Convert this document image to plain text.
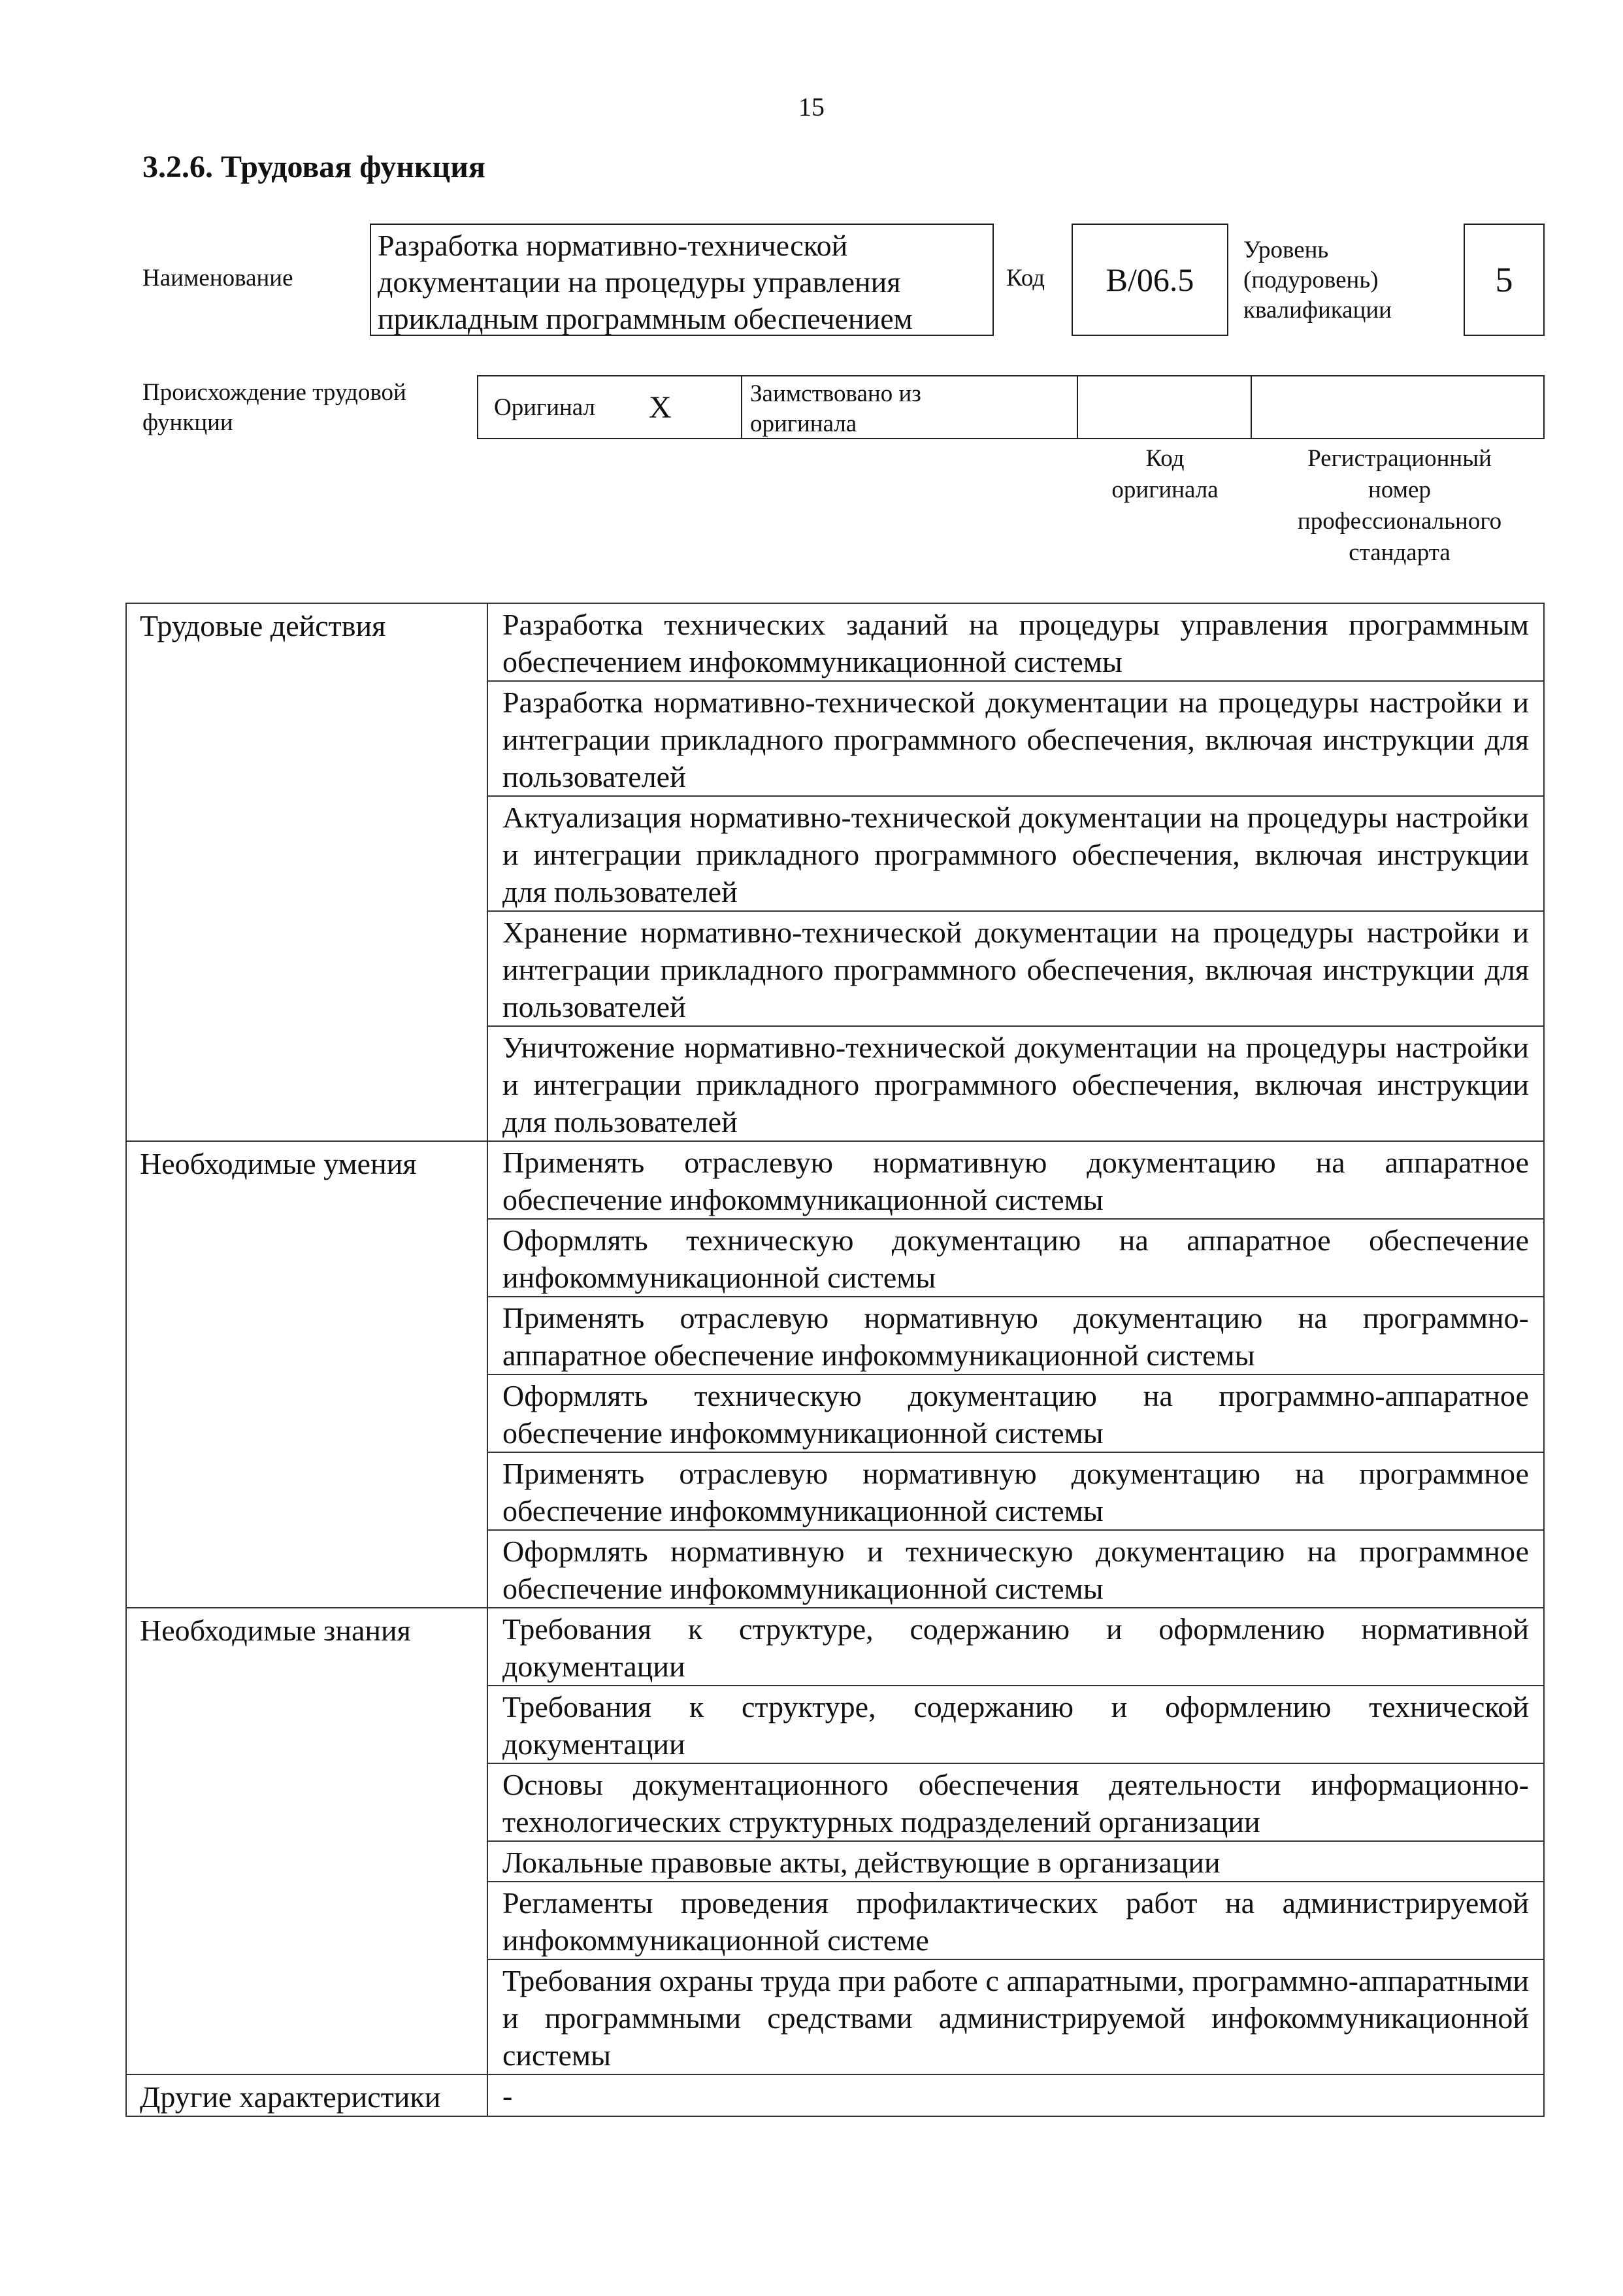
15
3.2.6. Трудовая функция
Наименование
Разработка нормативно-технической
документации на процедуры управления
прикладным программным обеспечением
Код B/06.5
Уровень
(подуровень)
квалификации
5
Происхождение трудовой
функции
Оригинал X	Заимствовано из
оригинала
Код
оригинала
Регистрационный
номер
профессионального
стандарта
Трудовые действия	Разработка технических заданий на процедуры управления программным обеспечением инфокоммуникационной системы
	Разработка нормативно-технической документации на процедуры настройки и интеграции прикладного программного обеспечения, включая инструкции для пользователей
	Актуализация нормативно-технической документации на процедуры настройки и интеграции прикладного программного обеспечения, включая инструкции для пользователей
	Хранение нормативно-технической документации на процедуры настройки и интеграции прикладного программного обеспечения, включая инструкции для пользователей
	Уничтожение нормативно-технической документации на процедуры настройки и интеграции прикладного программного обеспечения, включая инструкции для пользователей
Необходимые умения	Применять отраслевую нормативную документацию на аппаратное обеспечение инфокоммуникационной системы
	Оформлять техническую документацию на аппаратное обеспечение инфокоммуникационной системы
	Применять отраслевую нормативную документацию на программно-аппаратное обеспечение инфокоммуникационной системы
	Оформлять техническую документацию на программно-аппаратное обеспечение инфокоммуникационной системы
	Применять отраслевую нормативную документацию на программное обеспечение инфокоммуникационной системы
	Оформлять нормативную и техническую документацию на программное обеспечение инфокоммуникационной системы
Необходимые знания	Требования к структуре, содержанию и оформлению нормативной документации
	Требования к структуре, содержанию и оформлению технической документации
	Основы документационного обеспечения деятельности информационно-технологических структурных подразделений организации
	Локальные правовые акты, действующие в организации
	Регламенты проведения профилактических работ на администрируемой инфокоммуникационной системе
	Требования охраны труда при работе с аппаратными, программно-аппаратными и программными средствами администрируемой инфокоммуникационной системы
Другие характеристики	-
